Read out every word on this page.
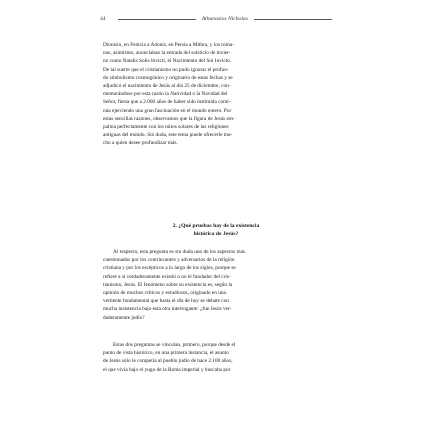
44	Athanasios Nicholas
Dionisio, en Fenicia a Adonis, en Persia a Mithra, y los roma-
nos, asimismo, anunciaban la entrada del solsticio de invier-
no como Natalis Solis Invicti, el Nacimiento del Sol Invicto.
De tal suerte que el cristianismo no pudo ignorar el profun-
do simbolismo cosmogónico y originario de estas fechas y se
adjudicó el nacimiento de Jesús al día 25 de diciembre, con-
memorándose por esta razón la Natividad o la Navidad del
Señor, fiesta que a 2.000 años de haber sido instituida conti-
núa ejerciendo una gran fascinación en el mundo entero. Por
estas sencillas razones, observamos que la figura de Jesús em-
palma perfectamente con los mitos solares de las religiones
antiguas del mundo. Sin duda, este tema puede ofrecerle mu-
cho a quien desee profundizar más.
2. ¿Qué pruebas hay de la existencia
histórica de Jesús?
Al respecto, esta pregunta es sin duda uno de los aspectos más
cuestionados por los contrincantes y adversarios de la religión
cristiana y por los escépticos a lo largo de los siglos, porque se
refiere a si verdaderamente existió o no el fundador del cris-
tianismo, Jesús. El fenómeno sobre su existencia es, según la
opinión de muchos críticos y estudiosos, originado en una
vertiente fundamental que hasta el día de hoy se debate con
mucha insistencia bajo esta otra interrogante: ¿fue Jesús ver-
daderamente judío?
Estas dos preguntas se vinculan, primero, porque desde el
punto de vista histórico, en una primera instancia, el asunto
de Jesús sólo le competía al pueblo judío de hace 2.100 años,
el que vivía bajo el yugo de la Roma imperial y buscaba por
